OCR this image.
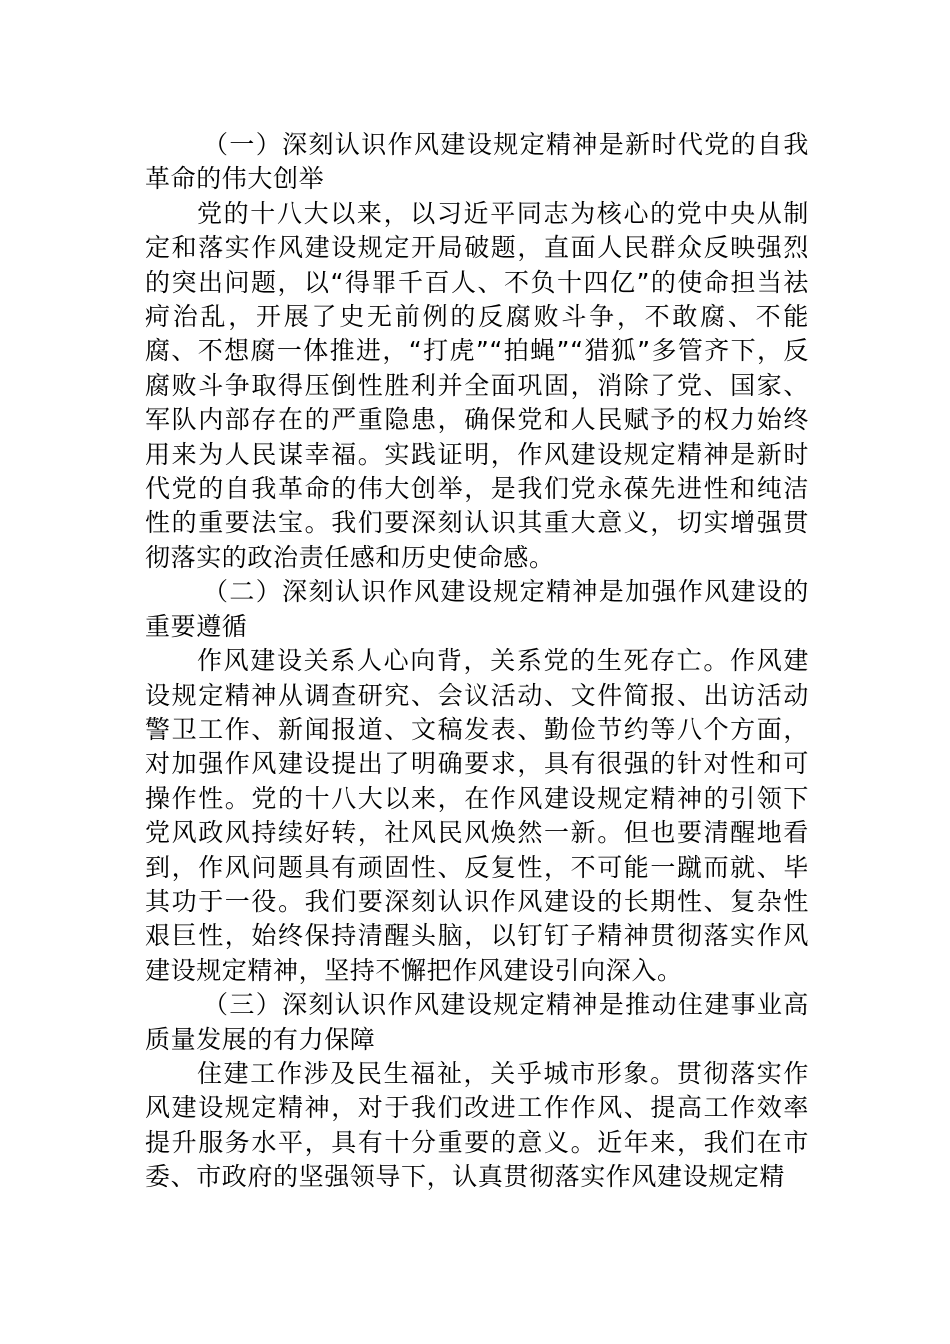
（一）深刻认识作风建设规定精神是新时代党的自我革命的伟大创举

党的十八大以来，以习近平同志为核心的党中央从制定和落实作风建设规定开局破题，直面人民群众反映强烈的突出问题，以“得罪千百人、不负十四亿”的使命担当祛疴治乱，开展了史无前例的反腐败斗争，不敢腐、不能腐、不想腐一体推进，“打虎”“拍蝇”“猎狐”多管齐下，反腐败斗争取得压倒性胜利并全面巩固，消除了党、国家、军队内部存在的严重隐患，确保党和人民赋予的权力始终用来为人民谋幸福。实践证明，作风建设规定精神是新时代党的自我革命的伟大创举，是我们党永葆先进性和纯洁性的重要法宝。我们要深刻认识其重大意义，切实增强贯彻落实的政治责任感和历史使命感。

（二）深刻认识作风建设规定精神是加强作风建设的重要遵循

作风建设关系人心向背，关系党的生死存亡。作风建设规定精神从调查研究、会议活动、文件简报、出访活动警卫工作、新闻报道、文稿发表、勤俭节约等八个方面，对加强作风建设提出了明确要求，具有很强的针对性和可操作性。党的十八大以来，在作风建设规定精神的引领下党风政风持续好转，社风民风焕然一新。但也要清醒地看到，作风问题具有顽固性、反复性，不可能一蹴而就、毕其功于一役。我们要深刻认识作风建设的长期性、复杂性艰巨性，始终保持清醒头脑，以钉钉子精神贯彻落实作风建设规定精神，坚持不懈把作风建设引向深入。

（三）深刻认识作风建设规定精神是推动住建事业高质量发展的有力保障

住建工作涉及民生福祉，关乎城市形象。贯彻落实作风建设规定精神，对于我们改进工作作风、提高工作效率提升服务水平，具有十分重要的意义。近年来，我们在市委、市政府的坚强领导下，认真贯彻落实作风建设规定精
